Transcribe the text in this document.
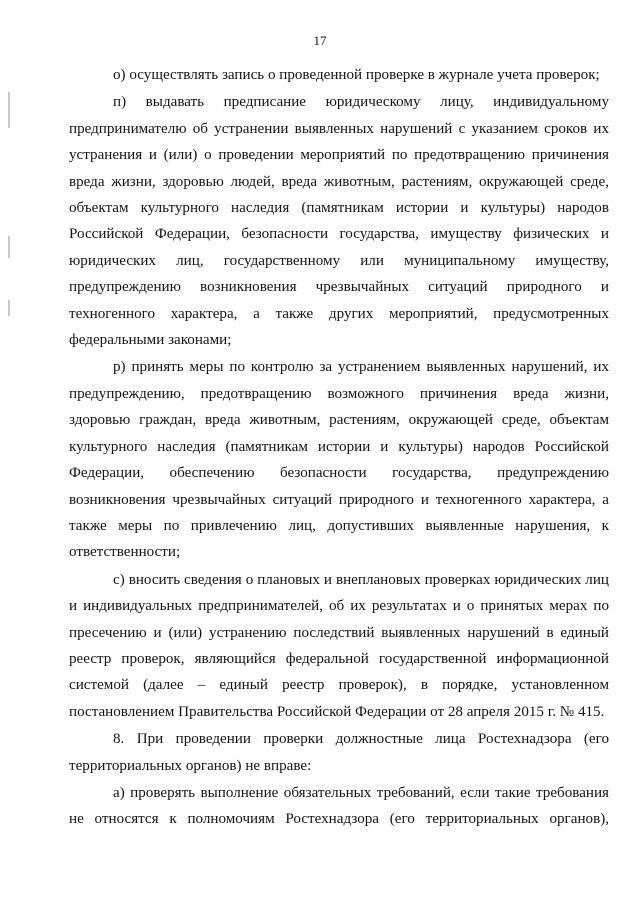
17

о) осуществлять запись о проведенной проверке в журнале учета проверок;

п) выдавать предписание юридическому лицу, индивидуальному предпринимателю об устранении выявленных нарушений с указанием сроков их устранения и (или) о проведении мероприятий по предотвращению причинения вреда жизни, здоровью людей, вреда животным, растениям, окружающей среде, объектам культурного наследия (памятникам истории и культуры) народов Российской Федерации, безопасности государства, имуществу физических и юридических лиц, государственному или муниципальному имуществу, предупреждению возникновения чрезвычайных ситуаций природного и техногенного характера, а также других мероприятий, предусмотренных федеральными законами;

р) принять меры по контролю за устранением выявленных нарушений, их предупреждению, предотвращению возможного причинения вреда жизни, здоровью граждан, вреда животным, растениям, окружающей среде, объектам культурного наследия (памятникам истории и культуры) народов Российской Федерации, обеспечению безопасности государства, предупреждению возникновения чрезвычайных ситуаций природного и техногенного характера, а также меры по привлечению лиц, допустивших выявленные нарушения, к ответственности;

с) вносить сведения о плановых и внеплановых проверках юридических лиц и индивидуальных предпринимателей, об их результатах и о принятых мерах по пресечению и (или) устранению последствий выявленных нарушений в единый реестр проверок, являющийся федеральной государственной информационной системой (далее – единый реестр проверок), в порядке, установленном постановлением Правительства Российской Федерации от 28 апреля 2015 г. № 415.

8. При проведении проверки должностные лица Ростехнадзора (его территориальных органов) не вправе:

а) проверять выполнение обязательных требований, если такие требования не относятся к полномочиям Ростехнадзора (его территориальных органов),
